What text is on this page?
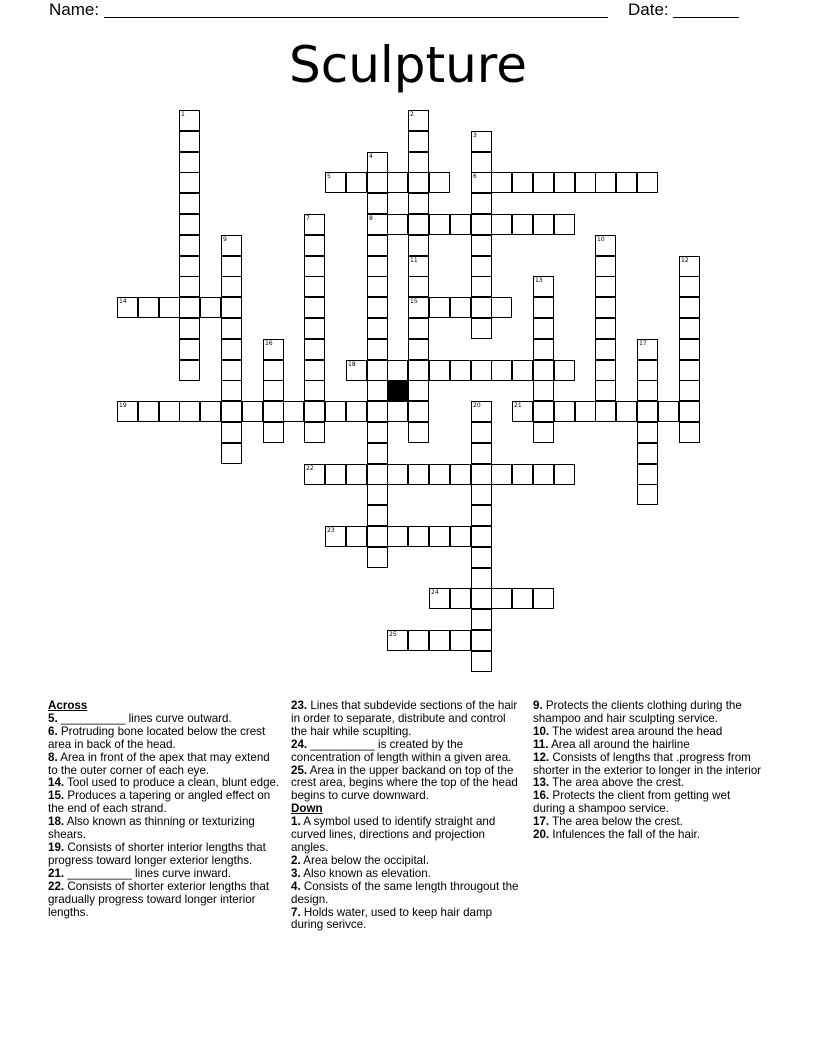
Name:	Date:
Sculpture
1	2
11
15
3
6
4
8
5
7
9	10
12
13
14
16	17
18
19	20	21
22
23
24
25

Across

5. __________ lines curve outward.

6. Protruding bone located below the crest area in back of the head.

8. Area in front of the apex that may extend to the outer corner of each eye.

14. Tool used to produce a clean, blunt edge.

15. Produces a tapering or angled effect on the end of each strand.

18. Also known as thinning or texturizing shears.

19. Consists of shorter interior lengths that progress toward longer exterior lengths.

21. __________ lines curve inward.

22. Consists of shorter exterior lengths that gradually progress toward longer interior lengths.

23. Lines that subdevide sections of the hair in order to separate, distribute and control the hair while scuplting.

24. __________ is created by the concentration of length within a given area.

25. Area in the upper backand on top of the crest area, begins where the top of the head begins to curve downward.

Down

1. A symbol used to identify straight and curved lines, directions and projection angles.

2. Area below the occipital.

3. Also known as elevation.

4. Consists of the same length througout the design.

7. Holds water, used to keep hair damp during serivce.

9. Protects the clients clothing during the shampoo and hair sculpting service.

10. The widest area around the head

11. Area all around the hairline

12. Consists of lengths that .progress from shorter in the exterior to longer in the interior

13. The area above the crest.

16. Protects the client from getting wet during a shampoo service.

17. The area below the crest.

20. Infulences the fall of the hair.
